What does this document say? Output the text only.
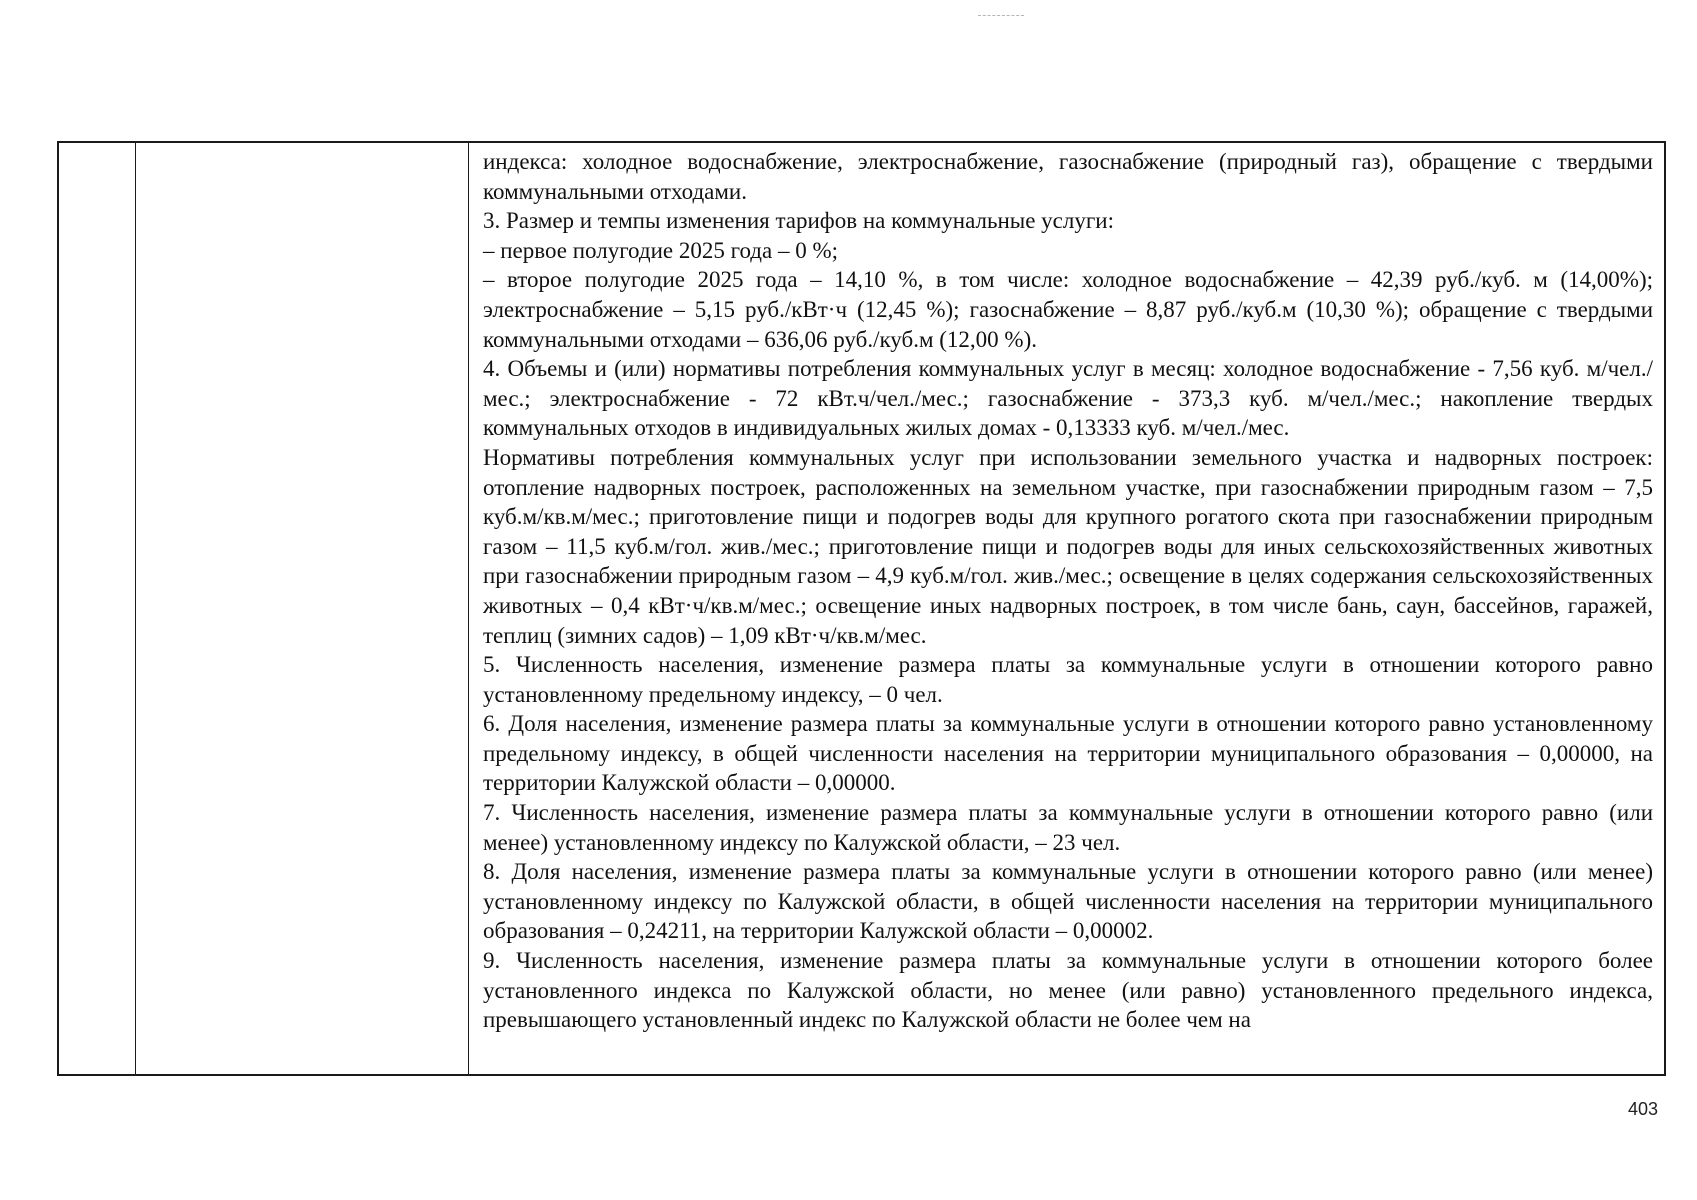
индекса: холодное водоснабжение, электроснабжение, газоснабжение (природный газ), обращение с твердыми коммунальными отходами.

3. Размер и темпы изменения тарифов на коммунальные услуги:

– первое полугодие 2025 года – 0 %;

– второе полугодие 2025 года – 14,10 %, в том числе: холодное водоснабжение – 42,39 руб./куб. м (14,00%); электроснабжение – 5,15 руб./кВт·ч (12,45 %); газоснабжение – 8,87 руб./куб.м (10,30 %); обращение с твердыми коммунальными отходами – 636,06 руб./куб.м (12,00 %).

4. Объемы и (или) нормативы потребления коммунальных услуг в месяц: холодное водоснабжение - 7,56 куб. м/чел./мес.; электроснабжение - 72 кВт.ч/чел./мес.; газоснабжение - 373,3 куб. м/чел./мес.; накопление твердых коммунальных отходов в индивидуальных жилых домах - 0,13333 куб. м/чел./мес.

Нормативы потребления коммунальных услуг при использовании земельного участка и надворных построек: отопление надворных построек, расположенных на земельном участке, при газоснабжении природным газом – 7,5 куб.м/кв.м/мес.; приготовление пищи и подогрев воды для крупного рогатого скота при газоснабжении природным газом – 11,5 куб.м/гол. жив./мес.; приготовление пищи и подогрев воды для иных сельскохозяйственных животных при газоснабжении природным газом – 4,9 куб.м/гол. жив./мес.; освещение в целях содержания сельскохозяйственных животных – 0,4 кВт·ч/кв.м/мес.; освещение иных надворных построек, в том числе бань, саун, бассейнов, гаражей, теплиц (зимних садов) – 1,09 кВт·ч/кв.м/мес.

5. Численность населения, изменение размера платы за коммунальные услуги в отношении которого равно установленному предельному индексу, – 0 чел.

6. Доля населения, изменение размера платы за коммунальные услуги в отношении которого равно установленному предельному индексу, в общей численности населения на территории муниципального образования – 0,00000, на территории Калужской области – 0,00000.

7. Численность населения, изменение размера платы за коммунальные услуги в отношении которого равно (или менее) установленному индексу по Калужской области, – 23 чел.

8. Доля населения, изменение размера платы за коммунальные услуги в отношении которого равно (или менее) установленному индексу по Калужской области, в общей численности населения на территории муниципального образования – 0,24211, на территории Калужской области – 0,00002.

9. Численность населения, изменение размера платы за коммунальные услуги в отношении которого более установленного индекса по Калужской области, но менее (или равно) установленного предельного индекса, превышающего установленный индекс по Калужской области не более чем на

403
